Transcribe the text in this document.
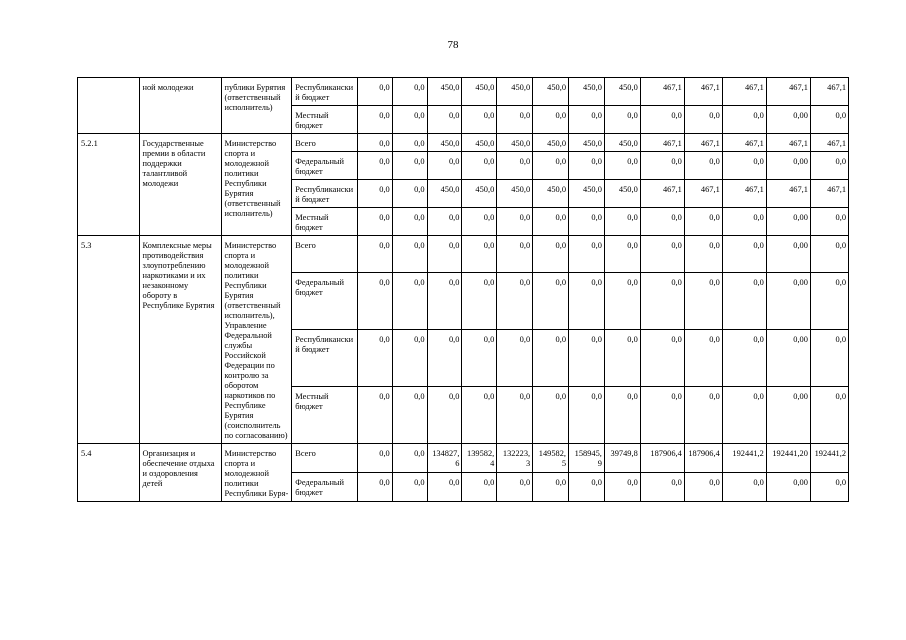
78
	ной молодежи	публики Бурятия (ответственный исполнитель)	Республиканский бюджет	0,0	0,0	450,0	450,0	450,0	450,0	450,0	450,0	467,1	467,1	467,1	467,1	467,1
			Местный бюджет	0,0	0,0	0,0	0,0	0,0	0,0	0,0	0,0	0,0	0,0	0,0	0,00	0,0
5.2.1	Государственные премии в области поддержки талантливой молодежи	Министерство спорта и молодежной политики Республики Бурятия (ответственный исполнитель)	Всего	0,0	0,0	450,0	450,0	450,0	450,0	450,0	450,0	467,1	467,1	467,1	467,1	467,1
			Федеральный бюджет	0,0	0,0	0,0	0,0	0,0	0,0	0,0	0,0	0,0	0,0	0,0	0,00	0,0
			Республиканский бюджет	0,0	0,0	450,0	450,0	450,0	450,0	450,0	450,0	467,1	467,1	467,1	467,1	467,1
			Местный бюджет	0,0	0,0	0,0	0,0	0,0	0,0	0,0	0,0	0,0	0,0	0,0	0,00	0,0
5.3	Комплексные меры противодействия злоупотреблению наркотиками и их незаконному обороту в Республике Бурятия	Министерство спорта и молодежной политики Республики Бурятия (ответственный исполнитель), Управление Федеральной службы Российской Федерации по контролю за оборотом наркотиков по Республике Бурятия (соисполнитель по согласованию)	Всего	0,0	0,0	0,0	0,0	0,0	0,0	0,0	0,0	0,0	0,0	0,0	0,00	0,0
			Федеральный бюджет	0,0	0,0	0,0	0,0	0,0	0,0	0,0	0,0	0,0	0,0	0,0	0,00	0,0
			Республиканский бюджет	0,0	0,0	0,0	0,0	0,0	0,0	0,0	0,0	0,0	0,0	0,0	0,00	0,0
			Местный бюджет	0,0	0,0	0,0	0,0	0,0	0,0	0,0	0,0	0,0	0,0	0,0	0,00	0,0
5.4	Организация и обеспечение отдыха и оздоровления детей	Министерство спорта и молодежной политики Республики Буря-	Всего	0,0	0,0	134827,6	139582,4	132223,3	149582,5	158945,9	39749,8	187906,4	187906,4	192441,2	192441,20	192441,2
			Федеральный бюджет	0,0	0,0	0,0	0,0	0,0	0,0	0,0	0,0	0,0	0,0	0,0	0,00	0,0
